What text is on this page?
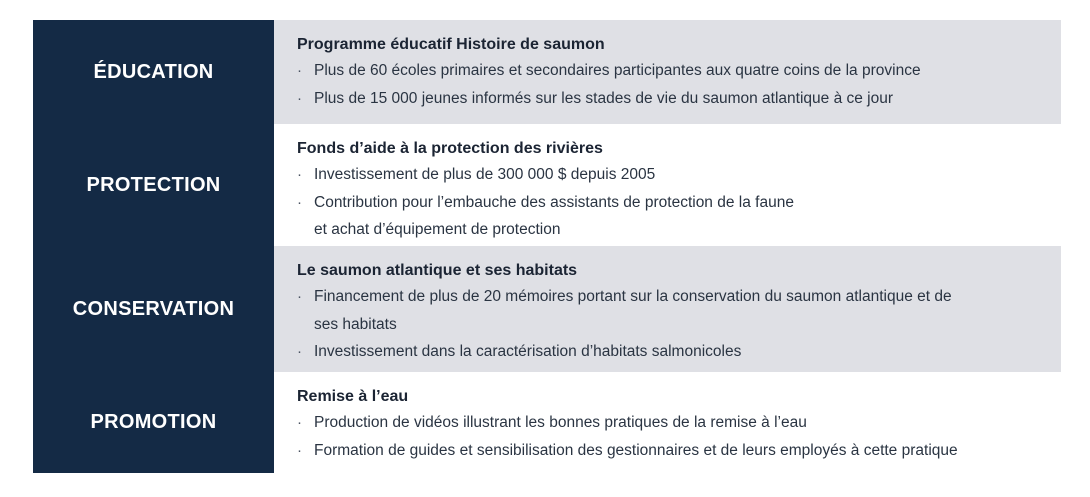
ÉDUCATION
Programme éducatif Histoire de saumon
· Plus de 60 écoles primaires et secondaires participantes aux quatre coins de la province
· Plus de 15 000 jeunes informés sur les stades de vie du saumon atlantique à ce jour
PROTECTION
Fonds d’aide à la protection des rivières
· Investissement de plus de 300 000 $ depuis 2005
· Contribution pour l’embauche des assistants de protection de la faune
et achat d’équipement de protection
CONSERVATION
Le saumon atlantique et ses habitats
· Financement de plus de 20 mémoires portant sur la conservation du saumon atlantique et de
ses habitats
· Investissement dans la caractérisation d’habitats salmonicoles
PROMOTION
Remise à l’eau
· Production de vidéos illustrant les bonnes pratiques de la remise à l’eau
· Formation de guides et sensibilisation des gestionnaires et de leurs employés à cette pratique
